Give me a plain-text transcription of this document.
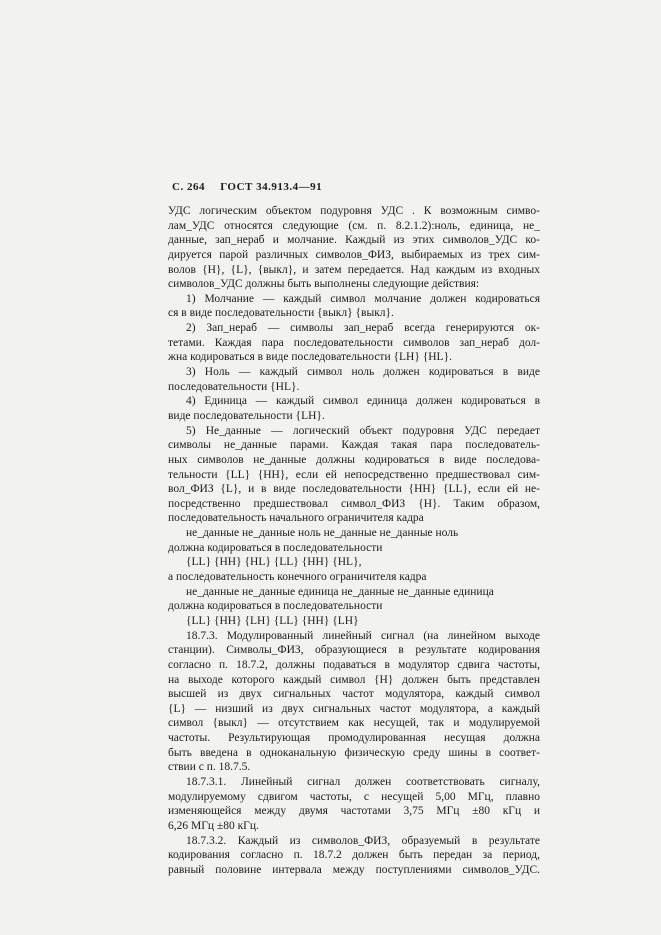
С. 264 ГОСТ 34.913.4—91
УДС логическим объектом подуровня УДС . К возможным симво-
лам_УДС относятся следующие (см. п. 8.2.1.2):ноль, единица, не_
данные, зап_нераб и молчание. Каждый из этих символов_УДС ко-
дируется парой различных символов_ФИЗ, выбираемых из трех сим-
волов {Н}, {L}, {выкл}, и затем передается. Над каждым из входных
символов_УДС должны быть выполнены следующие действия:
1) Молчание — каждый символ молчание должен кодироваться
ся в виде последовательности {выкл} {выкл}.
2) Зап_нераб — символы зап_нераб всегда генерируются ок-
тетами. Каждая пара последовательности символов зап_нераб дол-
жна кодироваться в виде последовательности {LH} {HL}.
3) Ноль — каждый символ ноль должен кодироваться в виде
последовательности {HL}.
4) Единица — каждый символ единица должен кодироваться в
виде последовательности {LH}.
5) Не_данные — логический объект подуровня УДС передает
символы не_данные парами. Каждая такая пара последователь-
ных символов не_данные должны кодироваться в виде последова-
тельности {LL} {НН}, если ей непосредственно предшествовал сим-
вол_ФИЗ {L}, и в виде последовательности {НН} {LL}, если ей не-
посредственно предшествовал символ_ФИЗ {Н}. Таким образом,
последовательность начального ограничителя кадра
не_данные не_данные ноль не_данные не_данные ноль
должна кодироваться в последовательности
{LL} {НН} {HL} {LL} {НН} {HL},
а последовательность конечного ограничителя кадра
не_данные не_данные единица не_данные не_данные единица
должна кодироваться в последовательности
{LL} {НН} {LH} {LL} {НН} {LH}
18.7.3. Модулированный линейный сигнал (на линейном выходе
станции). Символы_ФИЗ, образующиеся в результате кодирования
согласно п. 18.7.2, должны подаваться в модулятор сдвига частоты,
на выходе которого каждый символ {Н} должен быть представлен
высшей из двух сигнальных частот модулятора, каждый символ
{L} — низший из двух сигнальных частот модулятора, а каждый
символ {выкл} — отсутствием как несущей, так и модулируемой
частоты. Результирующая промодулированная несущая должна
быть введена в одноканальную физическую среду шины в соответ-
ствии с п. 18.7.5.
18.7.3.1. Линейный сигнал должен соответствовать сигналу,
модулируемому сдвигом частоты, с несущей 5,00 МГц, плавно
изменяющейся между двумя частотами 3,75 МГц ±80 кГц и
6,26 МГц ±80 кГц.
18.7.3.2. Каждый из символов_ФИЗ, образуемый в результате
кодирования согласно п. 18.7.2 должен быть передан за период,
равный половине интервала между поступлениями символов_УДС.
